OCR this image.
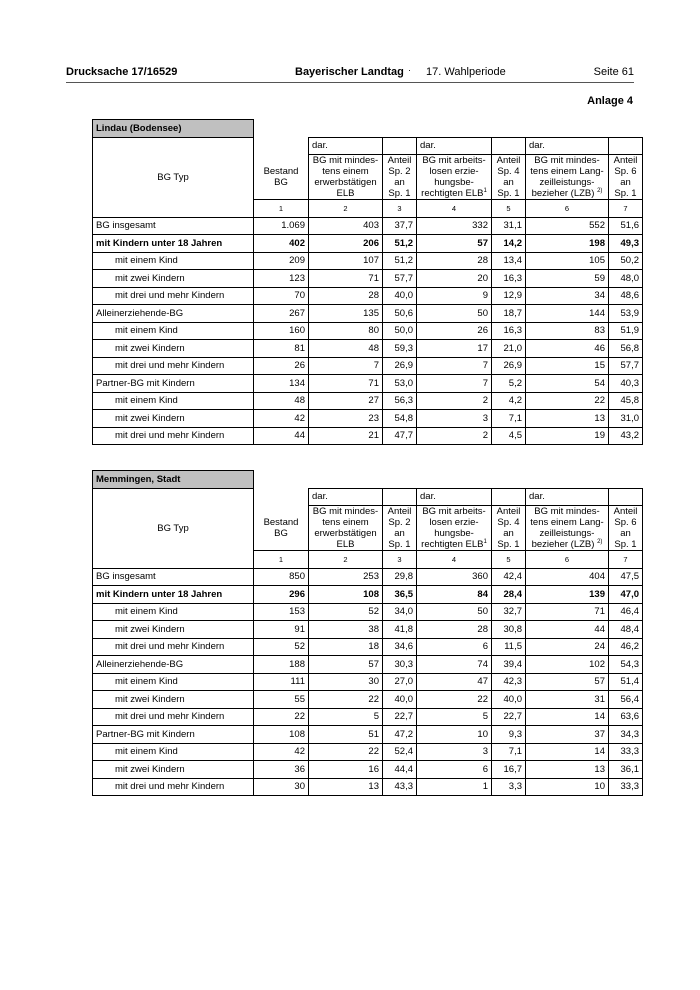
Drucksache 17/16529	Bayerischer Landtag · 17. Wahlperiode	Seite 61
Anlage 4
Lindau (Bodensee)							
BG Typ		dar.		dar.		dar.	
	Bestand
BG	BG mit mindes-
tens einem
erwerbstätigen
ELB	Anteil
Sp. 2
an
Sp. 1	BG mit arbeits-
losen erzie-
hungsbe-
rechtigten ELB$^1$	Anteil
Sp. 4
an
Sp. 1	BG mit mindes-
tens einem Lang-
zeilleistungs-
bezieher (LZB) $^{2)}$	Anteil
Sp. 6
an
Sp. 1
	1	2	3	4	5	6	7
BG insgesamt	1.069	403	37,7	332	31,1	552	51,6
mit Kindern unter 18 Jahren	402	206	51,2	57	14,2	198	49,3
mit einem Kind	209	107	51,2	28	13,4	105	50,2
mit zwei Kindern	123	71	57,7	20	16,3	59	48,0
mit drei und mehr Kindern	70	28	40,0	9	12,9	34	48,6
Alleinerziehende-BG	267	135	50,6	50	18,7	144	53,9
mit einem Kind	160	80	50,0	26	16,3	83	51,9
mit zwei Kindern	81	48	59,3	17	21,0	46	56,8
mit drei und mehr Kindern	26	7	26,9	7	26,9	15	57,7
Partner-BG mit Kindern	134	71	53,0	7	5,2	54	40,3
mit einem Kind	48	27	56,3	2	4,2	22	45,8
mit zwei Kindern	42	23	54,8	3	7,1	13	31,0
mit drei und mehr Kindern	44	21	47,7	2	4,5	19	43,2
Memmingen, Stadt							
BG Typ		dar.		dar.		dar.	
	Bestand
BG	BG mit mindes-
tens einem
erwerbstätigen
ELB	Anteil
Sp. 2
an
Sp. 1	BG mit arbeits-
losen erzie-
hungsbe-
rechtigten ELB$^1$	Anteil
Sp. 4
an
Sp. 1	BG mit mindes-
tens einem Lang-
zeilleistungs-
bezieher (LZB) $^{2)}$	Anteil
Sp. 6
an
Sp. 1
	1	2	3	4	5	6	7
BG insgesamt	850	253	29,8	360	42,4	404	47,5
mit Kindern unter 18 Jahren	296	108	36,5	84	28,4	139	47,0
mit einem Kind	153	52	34,0	50	32,7	71	46,4
mit zwei Kindern	91	38	41,8	28	30,8	44	48,4
mit drei und mehr Kindern	52	18	34,6	6	11,5	24	46,2
Alleinerziehende-BG	188	57	30,3	74	39,4	102	54,3
mit einem Kind	111	30	27,0	47	42,3	57	51,4
mit zwei Kindern	55	22	40,0	22	40,0	31	56,4
mit drei und mehr Kindern	22	5	22,7	5	22,7	14	63,6
Partner-BG mit Kindern	108	51	47,2	10	9,3	37	34,3
mit einem Kind	42	22	52,4	3	7,1	14	33,3
mit zwei Kindern	36	16	44,4	6	16,7	13	36,1
mit drei und mehr Kindern	30	13	43,3	1	3,3	10	33,3
